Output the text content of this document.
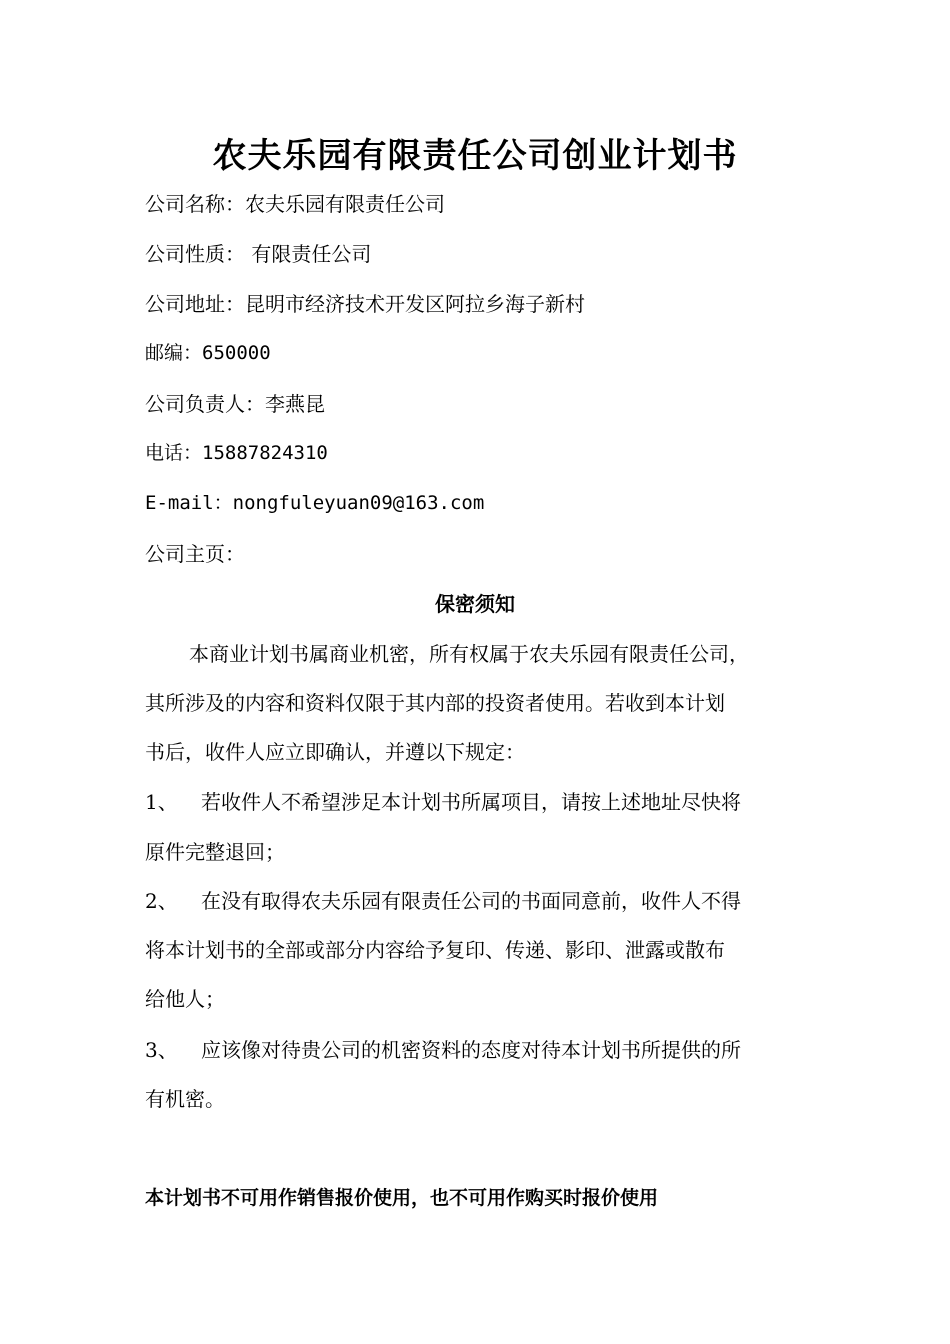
农夫乐园有限责任公司创业计划书

公司名称：农夫乐园有限责任公司

公司性质： 有限责任公司

公司地址：昆明市经济技术开发区阿拉乡海子新村

邮编：650000

公司负责人：李燕昆

电话：15887824310

E-mail：nongfuleyuan09@163.com

公司主页：

保密须知

本商业计划书属商业机密，所有权属于农夫乐园有限责任公司，

其所涉及的内容和资料仅限于其内部的投资者使用。若收到本计划

书后，收件人应立即确认，并遵以下规定：

1、 若收件人不希望涉足本计划书所属项目，请按上述地址尽快将

原件完整退回；

2、 在没有取得农夫乐园有限责任公司的书面同意前，收件人不得

将本计划书的全部或部分内容给予复印、传递、影印、泄露或散布

给他人；

3、 应该像对待贵公司的机密资料的态度对待本计划书所提供的所

有机密。

本计划书不可用作销售报价使用，也不可用作购买时报价使用
